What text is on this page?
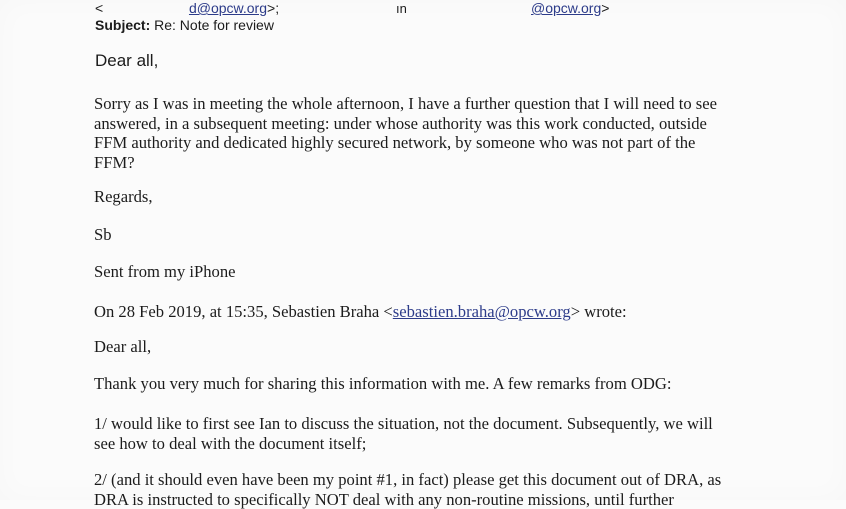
<	d@opcw.org>;	ın	@opcw.org>
Subject: Re: Note for review
Dear all,
Sorry as I was in meeting the whole afternoon, I have a further question that I will need to see answered, in a subsequent meeting: under whose authority was this work conducted, outside FFM authority and dedicated highly secured network, by someone who was not part of the FFM?
Regards,
Sb
Sent from my iPhone
On 28 Feb 2019, at 15:35, Sebastien Braha <sebastien.braha@opcw.org> wrote:
Dear all,
Thank you very much for sharing this information with me. A few remarks from ODG:
1/ would like to first see Ian to discuss the situation, not the document. Subsequently, we will see how to deal with the document itself;
2/ (and it should even have been my point #1, in fact) please get this document out of DRA, as DRA is instructed to specifically NOT deal with any non-routine missions, until further
